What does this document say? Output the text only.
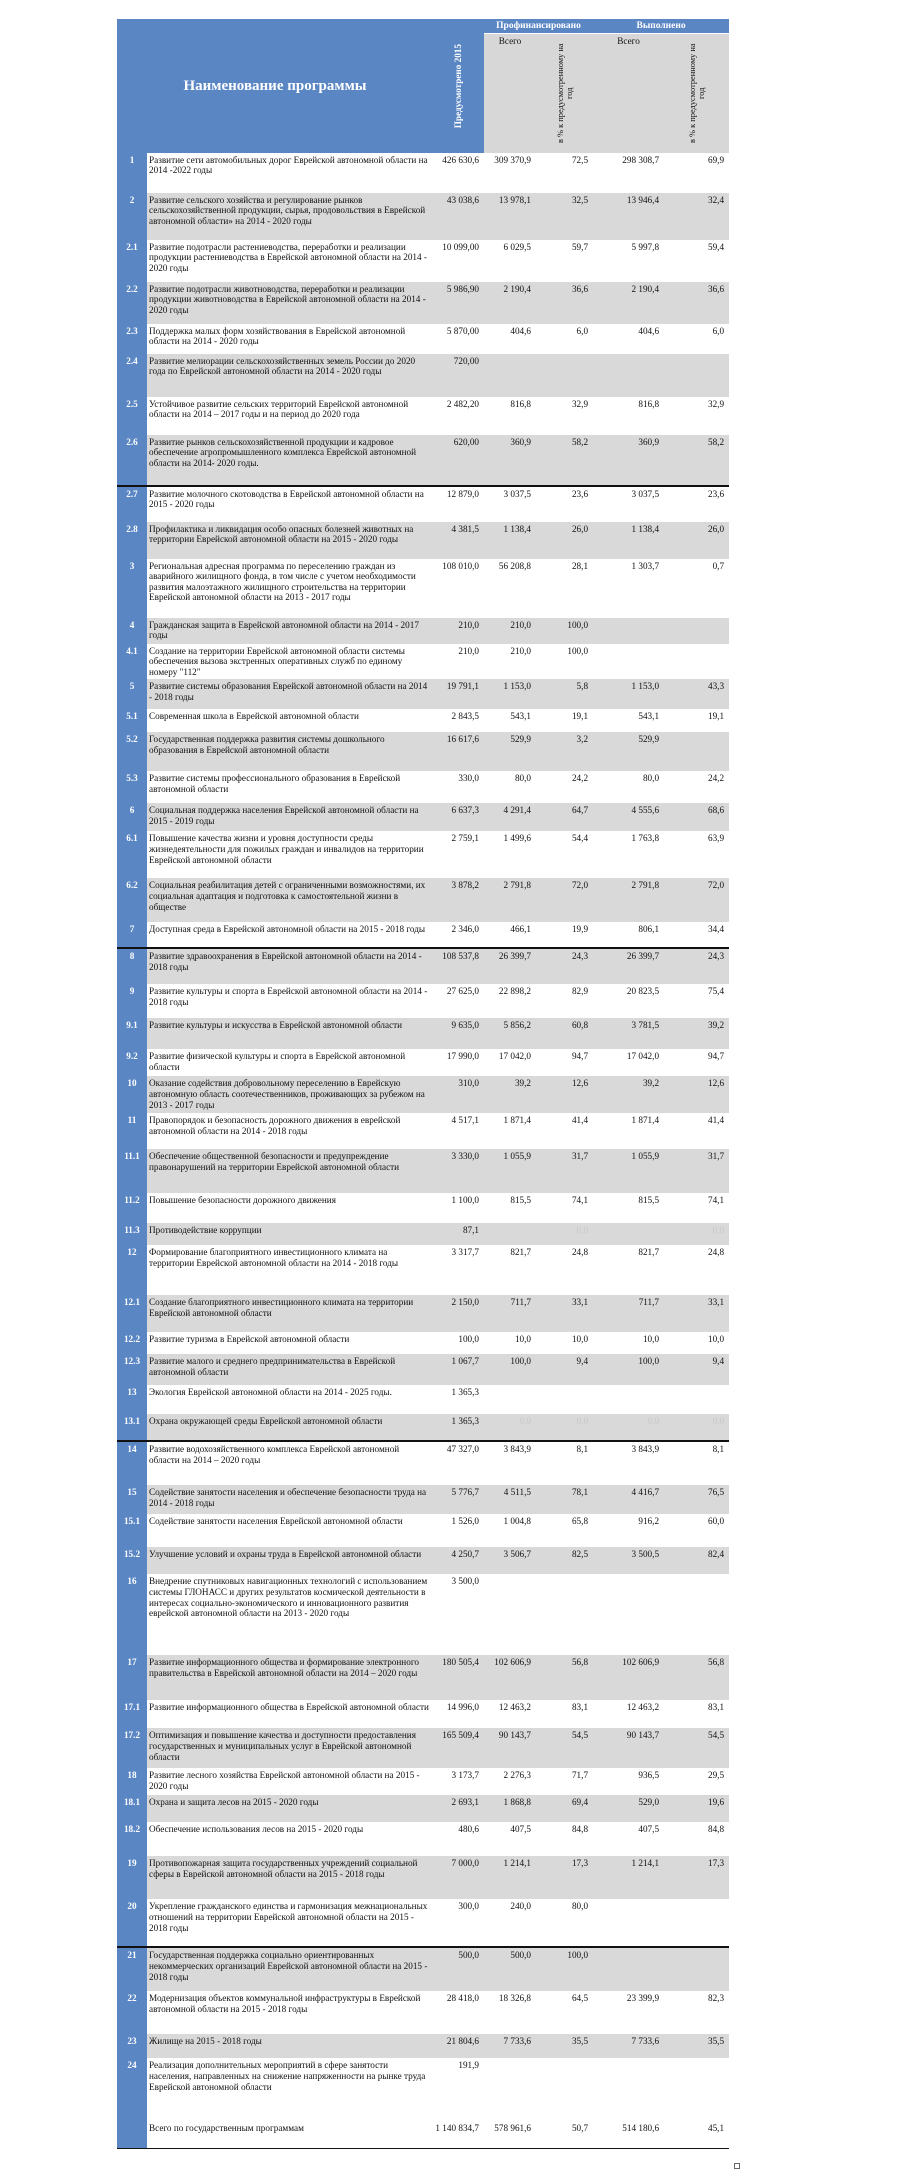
Наименование программы		Предусмотрено 2015	Профинансировано		Выполнено	
			Всего	в % к предусмотренному на год	Всего	в % к предусмотренному на год

1	Развитие сети автомобильных дорог Еврейской автономной области на 2014 -2022 годы	426 630,6	309 370,9	72,5	298 308,7	69,9
2	Развитие сельского хозяйства и регулирование рынков сельскохозяйственной продукции, сырья, продовольствия в Еврейской автономной области» на 2014 - 2020 годы	43 038,6	13 978,1	32,5	13 946,4	32,4
2.1	Развитие подотрасли растениеводства, переработки и реализации продукции растениеводства в Еврейской автономной области на 2014 - 2020 годы	10 099,00	6 029,5	59,7	5 997,8	59,4
2.2	Развитие подотрасли животноводства, переработки и реализации продукции животноводства в Еврейской автономной области на 2014 - 2020 годы	5 986,90	2 190,4	36,6	2 190,4	36,6
2.3	Поддержка малых форм хозяйствования в Еврейской автономной области на 2014 - 2020 годы	5 870,00	404,6	6,0	404,6	6,0
2.4	Развитие мелиорации сельскохозяйственных земель России до 2020 года по Еврейской автономной области на 2014 - 2020 годы	720,00				
2.5	Устойчивое развитие сельских территорий Еврейской автономной области на 2014 – 2017 годы и на период до 2020 года	2 482,20	816,8	32,9	816,8	32,9
2.6	Развитие рынков сельскохозяйственной продукции и кадровое обеспечение агропромышленного комплекса Еврейской автономной области на 2014- 2020 годы.	620,00	360,9	58,2	360,9	58,2
2.7	Развитие молочного скотоводства в Еврейской автономной области на 2015 - 2020 годы	12 879,0	3 037,5	23,6	3 037,5	23,6
2.8	Профилактика и ликвидация особо опасных болезней животных на территории Еврейской автономной области на 2015 - 2020 годы	4 381,5	1 138,4	26,0	1 138,4	26,0
3	Региональная адресная программа по переселению граждан из аварийного жилищного фонда, в том числе с учетом необходимости развития малоэтажного жилищного строительства на территории Еврейской автономной области на 2013 - 2017 годы	108 010,0	56 208,8	28,1	1 303,7	0,7
4	Гражданская защита в Еврейской автономной области на 2014 - 2017 годы	210,0	210,0	100,0		
4.1	Создание на территории Еврейской автономной области системы обеспечения вызова экстренных оперативных служб по единому номеру "112"	210,0	210,0	100,0		
5	Развитие системы образования Еврейской автономной области на 2014 - 2018 годы	19 791,1	1 153,0	5,8	1 153,0	43,3
5.1	Современная школа в Еврейской автономной области	2 843,5	543,1	19,1	543,1	19,1
5.2	Государственная поддержка развития системы дошкольного образования в Еврейской автономной области	16 617,6	529,9	3,2	529,9	
5.3	Развитие системы профессионального образования в Еврейской автономной области	330,0	80,0	24,2	80,0	24,2
6	Социальная поддержка населения Еврейской автономной области на 2015 - 2019 годы	6 637,3	4 291,4	64,7	4 555,6	68,6
6.1	Повышение качества жизни и уровня доступности среды жизнедеятельности для пожилых граждан и инвалидов на территории Еврейской автономной области	2 759,1	1 499,6	54,4	1 763,8	63,9
6.2	Социальная реабилитация детей с ограниченными возможностями, их социальная адаптация и подготовка к самостоятельной жизни в обществе	3 878,2	2 791,8	72,0	2 791,8	72,0
7	Доступная среда в Еврейской автономной области на 2015 - 2018 годы	2 346,0	466,1	19,9	806,1	34,4
8	Развитие здравоохранения в Еврейской автономной области на 2014 - 2018 годы	108 537,8	26 399,7	24,3	26 399,7	24,3
9	Развитие культуры и спорта в Еврейской автономной области на 2014 - 2018 годы	27 625,0	22 898,2	82,9	20 823,5	75,4
9.1	Развитие культуры и искусства в Еврейской автономной области	9 635,0	5 856,2	60,8	3 781,5	39,2
9.2	Развитие физической культуры и спорта в Еврейской автономной области	17 990,0	17 042,0	94,7	17 042,0	94,7
10	Оказание содействия добровольному переселению в Еврейскую автономную область соотечественников, проживающих за рубежом на 2013 - 2017 годы	310,0	39,2	12,6	39,2	12,6
11	Правопорядок и безопасность дорожного движения в еврейской автономной области на 2014 - 2018 годы	4 517,1	1 871,4	41,4	1 871,4	41,4
11.1	Обеспечение общественной безопасности и предупреждение правонарушений на территории Еврейской автономной области	3 330,0	1 055,9	31,7	1 055,9	31,7
11.2	Повышение безопасности дорожного движения	1 100,0	815,5	74,1	815,5	74,1
11.3	Противодействие коррупции	87,1		0,0		0,0
12	Формирование благоприятного инвестиционного климата на территории Еврейской автономной области на 2014 - 2018 годы	3 317,7	821,7	24,8	821,7	24,8
12.1	Создание благоприятного инвестиционного климата на территории Еврейской автономной области	2 150,0	711,7	33,1	711,7	33,1
12.2	Развитие туризма в Еврейской автономной области	100,0	10,0	10,0	10,0	10,0
12.3	Развитие малого и среднего предпринимательства в Еврейской автономной области	1 067,7	100,0	9,4	100,0	9,4
13	Экология Еврейской автономной области на 2014 - 2025 годы.	1 365,3				
13.1	Охрана окружающей среды Еврейской автономной области	1 365,3	0,0	0,0	0,0	0,0
14	Развитие водохозяйственного комплекса Еврейской автономной области на 2014 – 2020 годы	47 327,0	3 843,9	8,1	3 843,9	8,1
15	Содействие занятости населения и обеспечение безопасности труда на 2014 - 2018 годы	5 776,7	4 511,5	78,1	4 416,7	76,5
15.1	Содействие занятости населения Еврейской автономной области	1 526,0	1 004,8	65,8	916,2	60,0
15.2	Улучшение условий и охраны труда в Еврейской автономной области	4 250,7	3 506,7	82,5	3 500,5	82,4
16	Внедрение спутниковых навигационных технологий с использованием системы ГЛОНАСС и других результатов космической деятельности в интересах социально-экономического и инновационного развития еврейской автономной области на 2013 - 2020 годы	3 500,0				
17	Развитие информационного общества и формирование электронного правительства в Еврейской автономной области на 2014 – 2020 годы	180 505,4	102 606,9	56,8	102 606,9	56,8
17.1	Развитие информационного общества в Еврейской автономной области	14 996,0	12 463,2	83,1	12 463,2	83,1
17.2	Оптимизация и повышение качества и доступности предоставления государственных и муниципальных услуг в Еврейской автономной области	165 509,4	90 143,7	54,5	90 143,7	54,5
18	Развитие лесного хозяйства Еврейской автономной области на 2015 - 2020 годы	3 173,7	2 276,3	71,7	936,5	29,5
18.1	Охрана и защита лесов на 2015 - 2020 годы	2 693,1	1 868,8	69,4	529,0	19,6
18.2	Обеспечение использования лесов на 2015 - 2020 годы	480,6	407,5	84,8	407,5	84,8
19	Противопожарная защита государственных учреждений социальной сферы в Еврейской автономной области на 2015 - 2018 годы	7 000,0	1 214,1	17,3	1 214,1	17,3
20	Укрепление гражданского единства и гармонизация межнациональных отношений на территории Еврейской автономной области на 2015 - 2018 годы	300,0	240,0	80,0		
21	Государственная поддержка социально ориентированных некоммерческих организаций Еврейской автономной области на 2015 - 2018 годы	500,0	500,0	100,0		
22	Модернизация объектов коммунальной инфраструктуры в Еврейской автономной области на 2015 - 2018 годы	28 418,0	18 326,8	64,5	23 399,9	82,3
23	Жилище на 2015 - 2018 годы	21 804,6	7 733,6	35,5	7 733,6	35,5
24	Реализация дополнительных мероприятий в сфере занятости населения, направленных на снижение напряженности на рынке труда Еврейской автономной области	191,9				
	Всего по государственным программам	1 140 834,7	578 961,6	50,7	514 180,6	45,1
